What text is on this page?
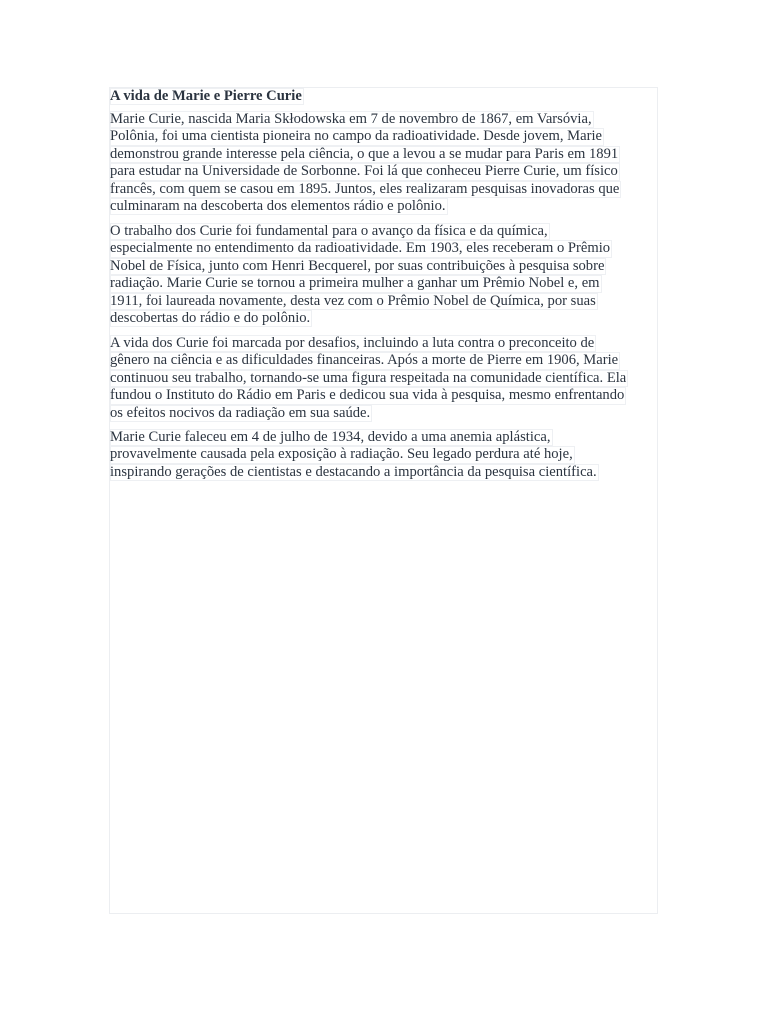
A vida de Marie e Pierre Curie
Marie Curie, nascida Maria Skłodowska em 7 de novembro de 1867, em Varsóvia,
Polônia, foi uma cientista pioneira no campo da radioatividade. Desde jovem, Marie
demonstrou grande interesse pela ciência, o que a levou a se mudar para Paris em 1891
para estudar na Universidade de Sorbonne. Foi lá que conheceu Pierre Curie, um físico
francês, com quem se casou em 1895. Juntos, eles realizaram pesquisas inovadoras que
culminaram na descoberta dos elementos rádio e polônio.
O trabalho dos Curie foi fundamental para o avanço da física e da química,
especialmente no entendimento da radioatividade. Em 1903, eles receberam o Prêmio
Nobel de Física, junto com Henri Becquerel, por suas contribuições à pesquisa sobre
radiação. Marie Curie se tornou a primeira mulher a ganhar um Prêmio Nobel e, em
1911, foi laureada novamente, desta vez com o Prêmio Nobel de Química, por suas
descobertas do rádio e do polônio.
A vida dos Curie foi marcada por desafios, incluindo a luta contra o preconceito de
gênero na ciência e as dificuldades financeiras. Após a morte de Pierre em 1906, Marie
continuou seu trabalho, tornando-se uma figura respeitada na comunidade científica. Ela
fundou o Instituto do Rádio em Paris e dedicou sua vida à pesquisa, mesmo enfrentando
os efeitos nocivos da radiação em sua saúde.
Marie Curie faleceu em 4 de julho de 1934, devido a uma anemia aplástica,
provavelmente causada pela exposição à radiação. Seu legado perdura até hoje,
inspirando gerações de cientistas e destacando a importância da pesquisa científica.
